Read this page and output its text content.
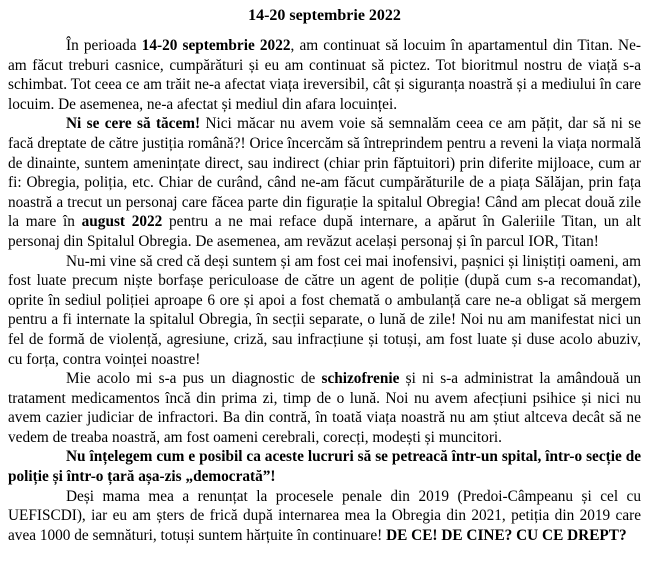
14-20 septembrie 2022

În perioada 14-20 septembrie 2022, am continuat să locuim în apartamentul din Titan. Ne-am făcut treburi casnice, cumpărături și eu am continuat să pictez. Tot bioritmul nostru de viață s-a schimbat. Tot ceea ce am trăit ne-a afectat viața ireversibil, cât și siguranța noastră și a mediului în care locuim. De asemenea, ne-a afectat și mediul din afara locuinței.

Ni se cere să tăcem! Nici măcar nu avem voie să semnalăm ceea ce am pățit, dar să ni se facă dreptate de către justiția română?! Orice încercăm să întreprindem pentru a reveni la viața normală de dinainte, suntem amenințate direct, sau indirect (chiar prin făptuitori) prin diferite mijloace, cum ar fi: Obregia, poliția, etc. Chiar de curând, când ne-am făcut cumpărăturile de a piața Sălăjan, prin fața noastră a trecut un personaj care făcea parte din figurație la spitalul Obregia! Când am plecat două zile la mare în august 2022 pentru a ne mai reface după internare, a apărut în Galeriile Titan, un alt personaj din Spitalul Obregia. De asemenea, am revăzut același personaj și în parcul IOR, Titan!

Nu-mi vine să cred că deși suntem și am fost cei mai inofensivi, pașnici și liniștiți oameni, am fost luate precum niște borfașe periculoase de către un agent de poliție (după cum s-a recomandat), oprite în sediul poliției aproape 6 ore și apoi a fost chemată o ambulanță care ne-a obligat să mergem pentru a fi internate la spitalul Obregia, în secții separate, o lună de zile! Noi nu am manifestat nici un fel de formă de violență, agresiune, criză, sau infracțiune și totuși, am fost luate și duse acolo abuziv, cu forța, contra voinței noastre!

Mie acolo mi s-a pus un diagnostic de schizofrenie și ni s-a administrat la amândouă un tratament medicamentos încă din prima zi, timp de o lună. Noi nu avem afecțiuni psihice și nici nu avem cazier judiciar de infractori. Ba din contră, în toată viața noastră nu am știut altceva decât să ne vedem de treaba noastră, am fost oameni cerebrali, corecți, modești și muncitori.

Nu înțelegem cum e posibil ca aceste lucruri să se petreacă într-un spital, într-o secție de poliție și într-o țară așa-zis „democrată”!

Deși mama mea a renunțat la procesele penale din 2019 (Predoi-Câmpeanu și cel cu UEFISCDI), iar eu am șters de frică după internarea mea la Obregia din 2021, petiția din 2019 care avea 1000 de semnături, totuși suntem hărțuite în continuare! DE CE! DE CINE? CU CE DREPT?
